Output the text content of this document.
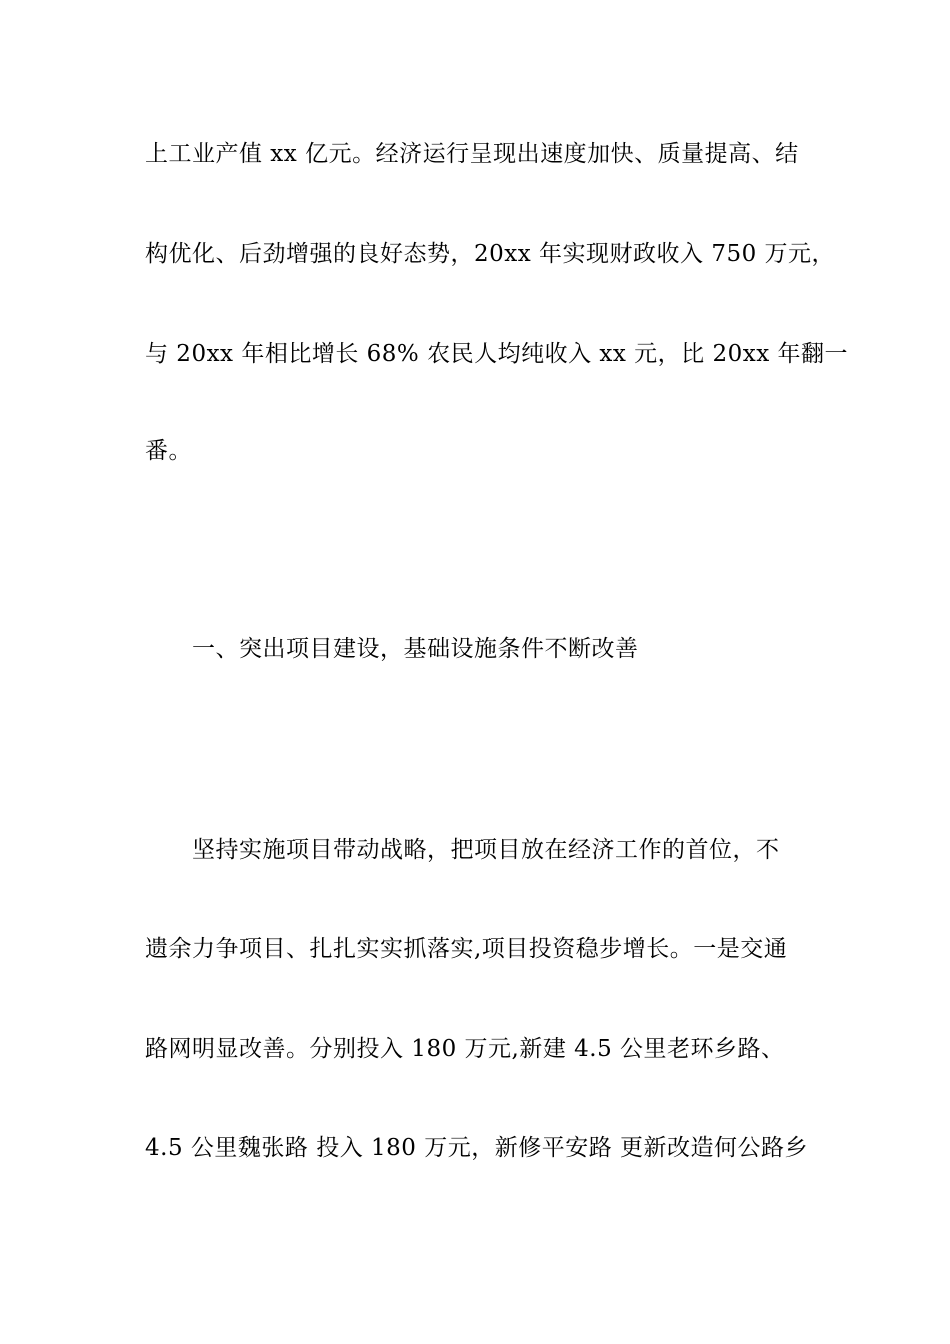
上工业产值 xx 亿元。经济运行呈现出速度加快、质量提高、结
构优化、后劲增强的良好态势，20xx 年实现财政收入 750 万元，
与 20xx 年相比增长 68% 农民人均纯收入 xx 元，比 20xx 年翻一
番。
一、突出项目建设，基础设施条件不断改善
坚持实施项目带动战略，把项目放在经济工作的首位，不
遗余力争项目、扎扎实实抓落实,项目投资稳步增长。一是交通
路网明显改善。分别投入 180 万元,新建 4.5 公里老环乡路、
4.5 公里魏张路 投入 180 万元，新修平安路 更新改造何公路乡
